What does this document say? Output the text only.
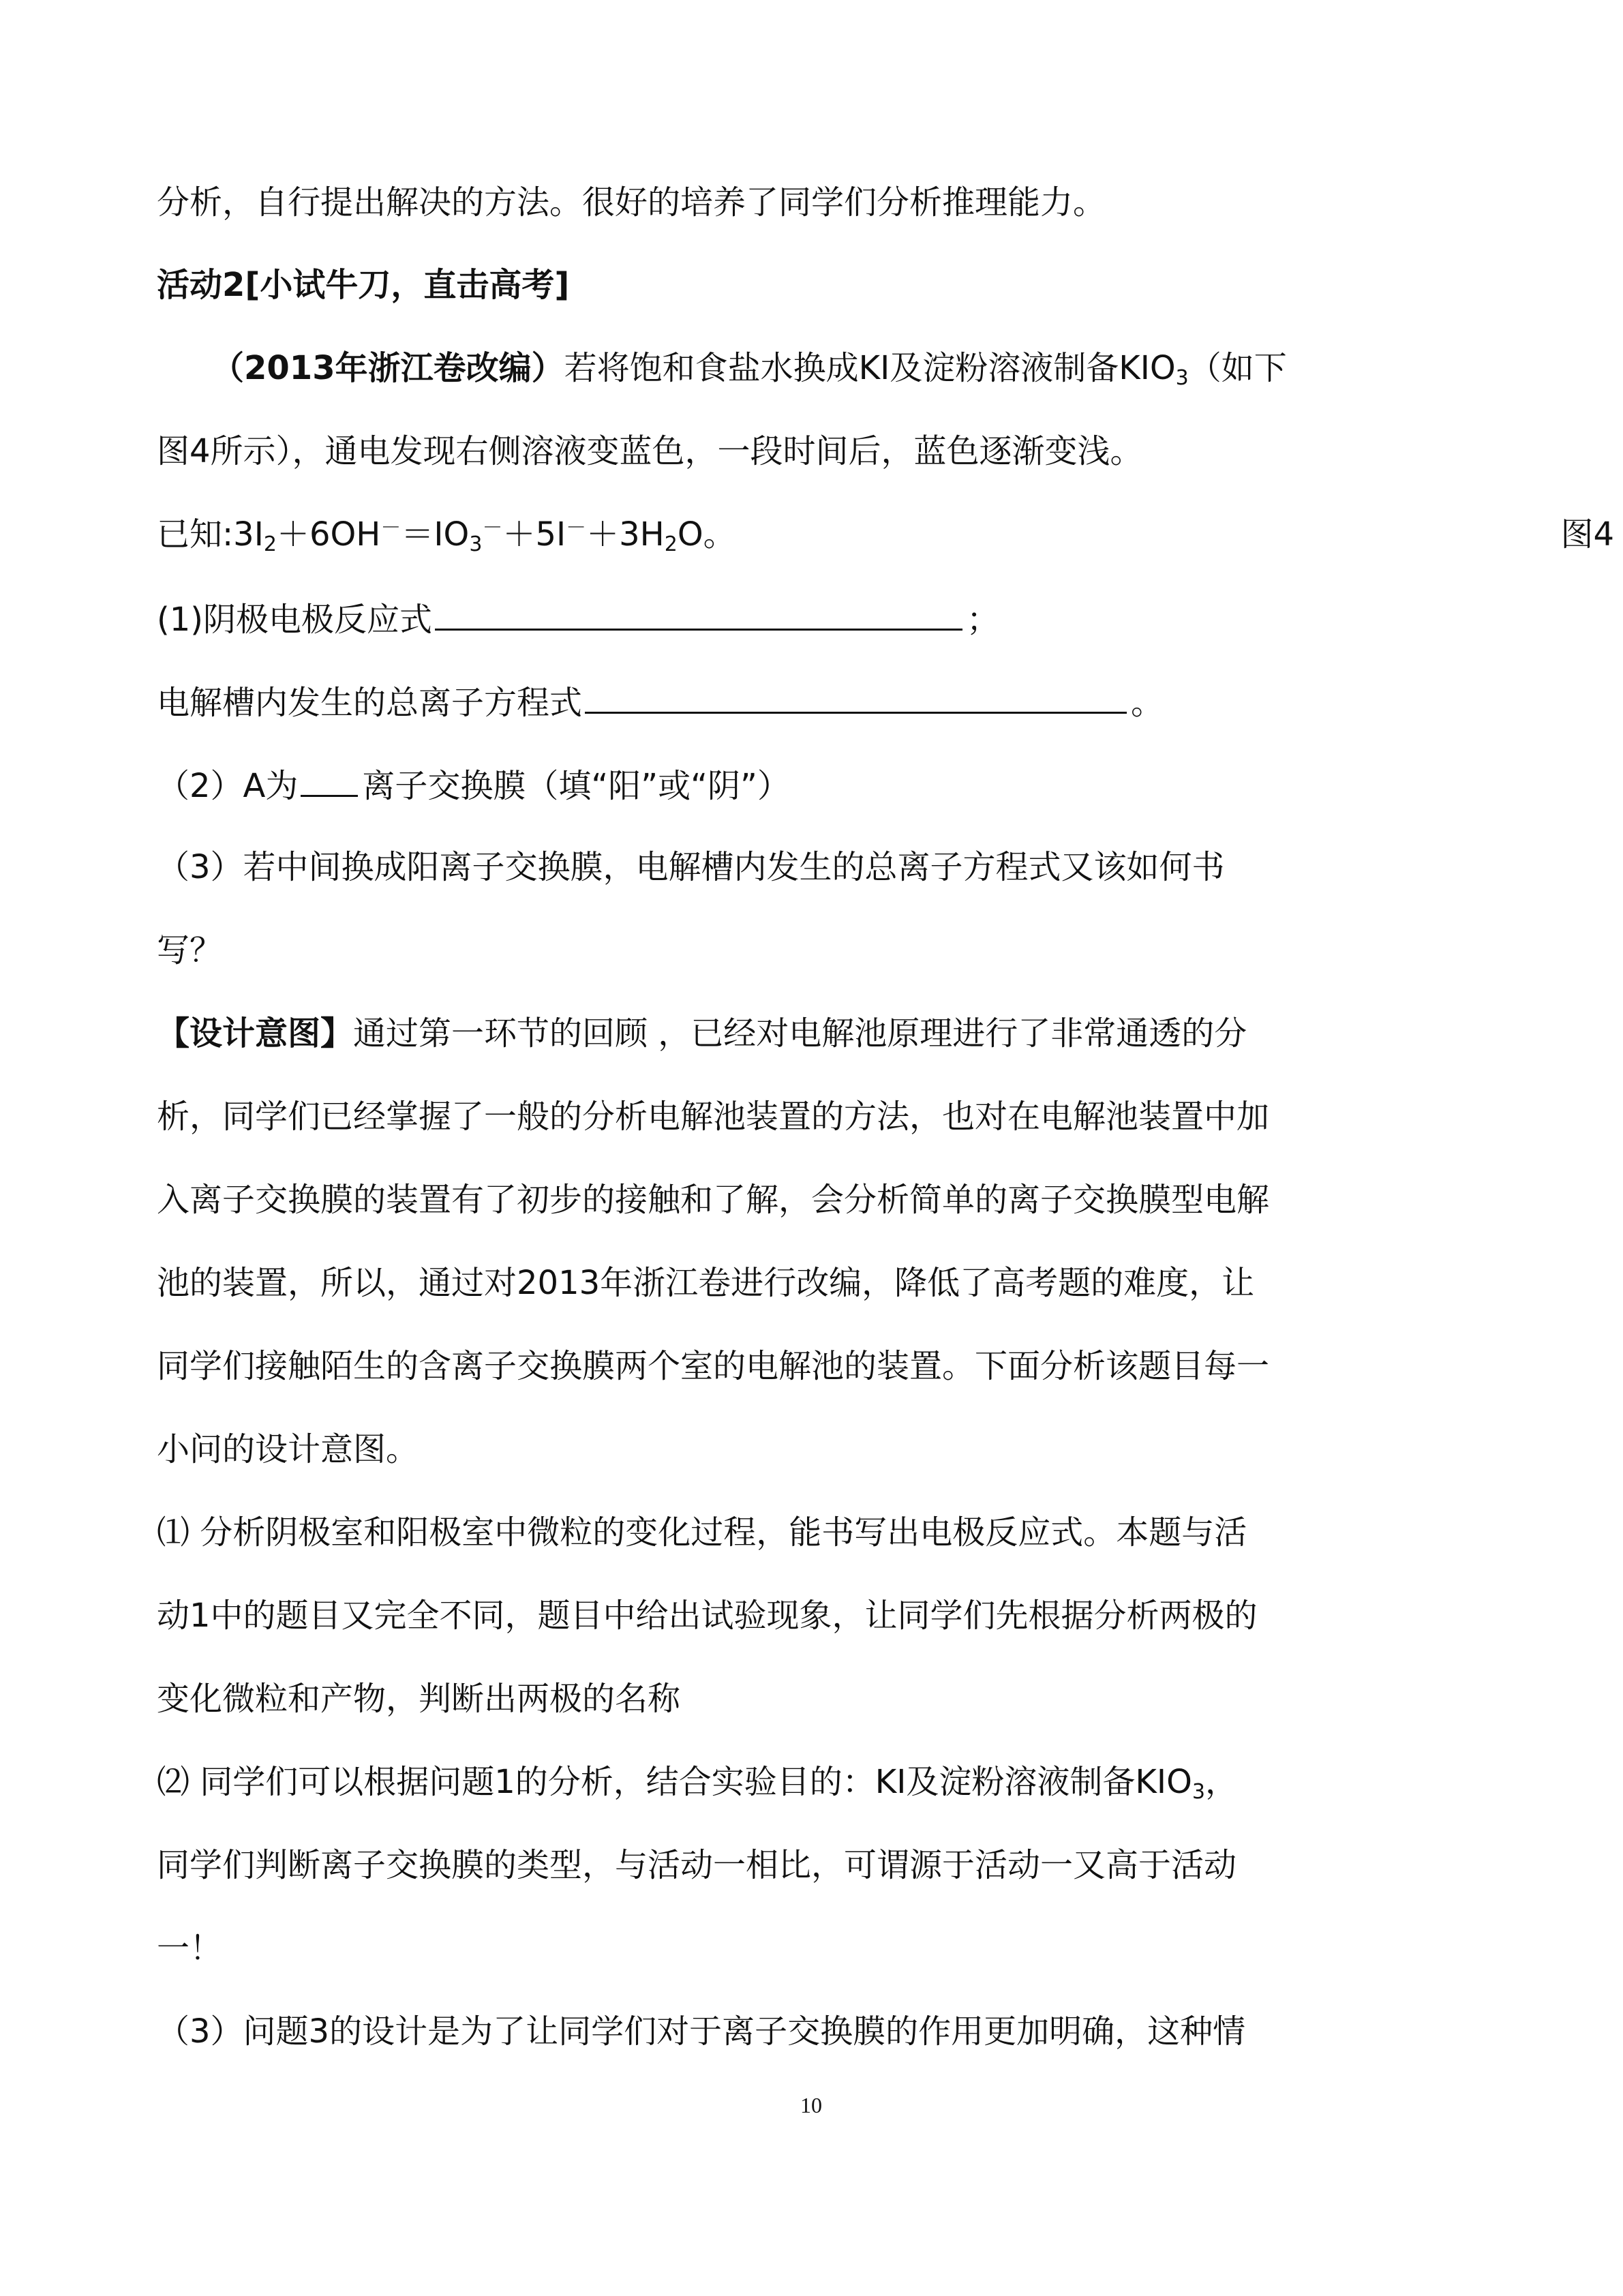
分析，自行提出解决的方法。很好的培养了同学们分析推理能力。
活动2[小试牛刀，直击高考]
（2013年浙江卷改编）若将饱和食盐水换成KI及淀粉溶液制备$KIO_3$（如下
图4所示），通电发现右侧溶液变蓝色，一段时间后，蓝色逐渐变浅。
已知$:3I_2+6OH^-=IO_3^-+5I^-+3H_2O$。	图4
(1)阴极电极反应式	；
电解槽内发生的总离子方程式	。
（2）A为 离子交换膜（填“阳”或“阴”）
（3）若中间换成阳离子交换膜，电解槽内发生的总离子方程式又该如何书
写？
【设计意图】通过第一环节的回顾 ，已经对电解池原理进行了非常通透的分
析，同学们已经掌握了一般的分析电解池装置的方法，也对在电解池装置中加
入离子交换膜的装置有了初步的接触和了解，会分析简单的离子交换膜型电解
池的装置，所以，通过对2013年浙江卷进行改编，降低了高考题的难度，让
同学们接触陌生的含离子交换膜两个室的电解池的装置。下面分析该题目每一
小问的设计意图。
⑴ 分析阴极室和阳极室中微粒的变化过程，能书写出电极反应式。本题与活
动1中的题目又完全不同，题目中给出试验现象，让同学们先根据分析两极的
变化微粒和产物，判断出两极的名称
⑵ 同学们可以根据问题1的分析，结合实验目的：KI及淀粉溶液制备$KIO_3$，
同学们判断离子交换膜的类型，与活动一相比，可谓源于活动一又高于活动
一！
（3）问题3的设计是为了让同学们对于离子交换膜的作用更加明确，这种情
10
